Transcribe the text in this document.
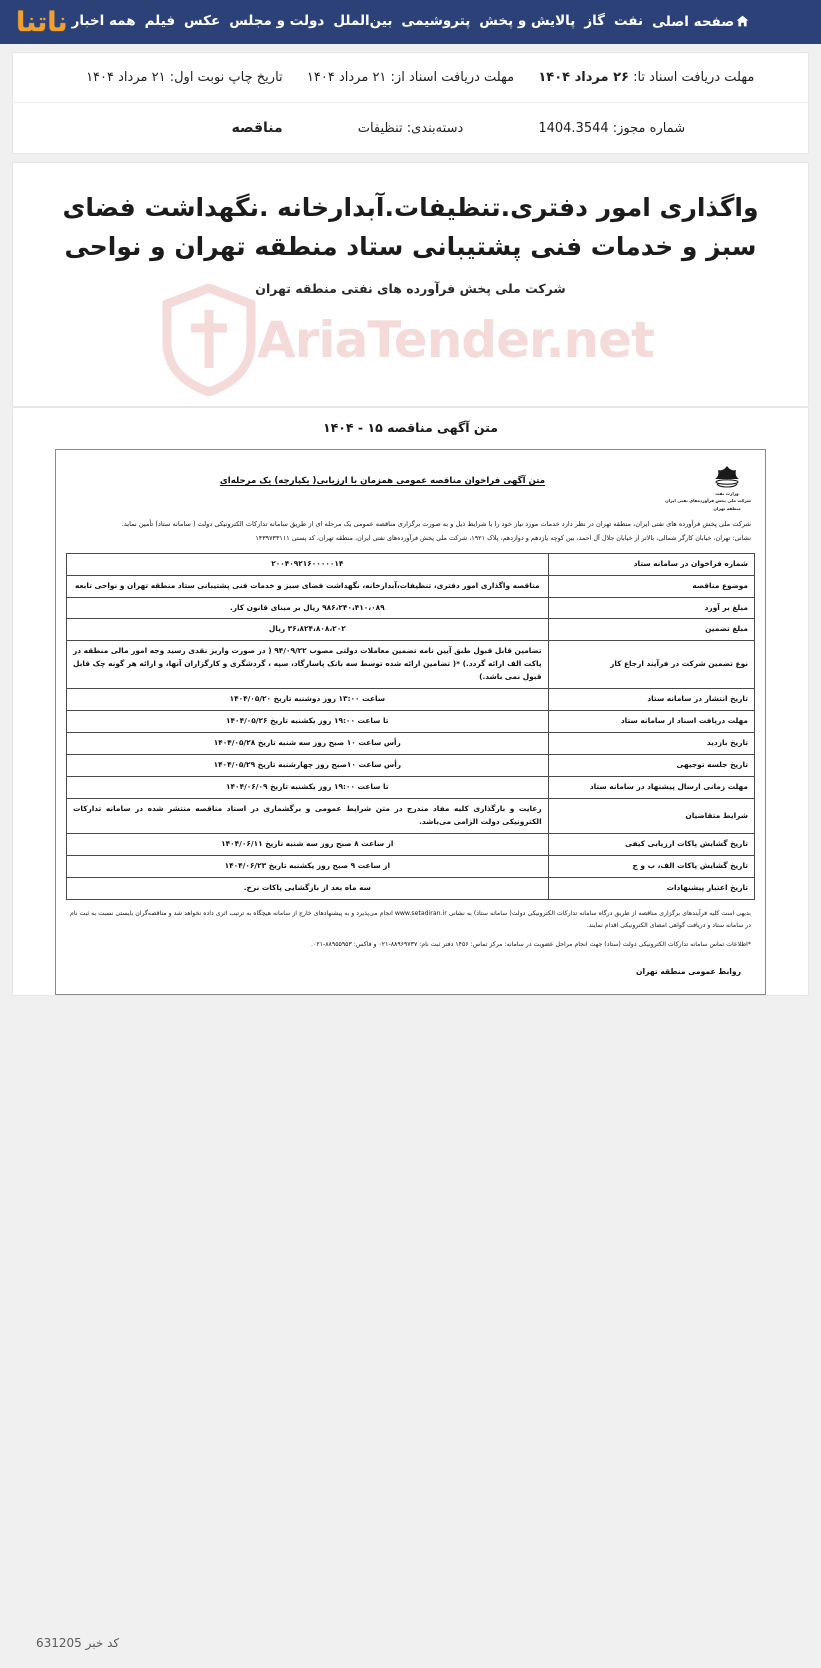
ناتنا	صفحه اصلی
نفت
گاز
پالایش و پخش
پتروشیمی
بین‌الملل
دولت و مجلس
عکس
فیلم
همه اخبار
مهلت دریافت اسناد تا: ۲۶ مرداد ۱۴۰۴
مهلت دریافت اسناد از: ۲۱ مرداد ۱۴۰۴
تاریخ چاپ نوبت اول: ۲۱ مرداد ۱۴۰۴
شماره مجوز: 1404.3544
دسته‌بندی: تنظیفات
مناقصه
واگذاری امور دفتری.تنظیفات.آبدارخانه .نگهداشت فضای سبز و خدمات فنی پشتیبانی ستاد منطقه تهران و نواحی
شرکت ملی پخش فرآورده های نفتی منطقه تهران
AriaTender.net
متن آگهی مناقصه ۱۵ - ۱۴۰۴
وزارت نفت
شرکت ملی پخش فرآورده‌های نفتی ایران
منطقه تهران
متن آگهی فراخوان مناقصه عمومی همزمان با ارزیابی( یکپارچه) یک مرحله‌ای
شرکت ملی پخش فرآورده های نفتی ایران، منطقه تهران در نظر دارد خدمات مورد نیاز خود را با شرایط ذیل و به صورت برگزاری مناقصه عمومی یک مرحله ای از طریق سامانه تدارکات الکترونیکی دولت ( سامانه ستاد) تأمین نماید.
نشانی: تهران، خیابان کارگر شمالی، بالاتر از خیابان جلال آل احمد، بین کوچه یازدهم و دوازدهم، پلاک ۱۹۲۱، شرکت ملی پخش فرآورده‌های نفتی ایران، منطقه تهران، کد پستی ۱۴۳۹۷۳۳۱۱۱
شماره فراخوان در سامانه ستاد	۲۰۰۴۰۹۲۱۶۰۰۰۰۰۱۴
موضوع مناقصه	مناقصه واگذاری امور دفتری، تنظیفات،آبدارخانه، نگهداشت فضای سبز و خدمات فنی پشتیبانی ستاد منطقه تهران و نواحی تابعه
مبلغ بر آورد	۹۸۶،۲۴۰،۴۱۰،۰۸۹ ریال بر مبنای قانون کار.
مبلغ تضمین	۳۶،۸۲۴،۸۰۸،۲۰۲ ریال
نوع تضمین شرکت در فرآیند ارجاع کار	تضامین قابل قبول طبق آیین نامه تضمین معاملات دولتی مصوب ۹۴/۰۹/۲۲ ( در صورت واریز نقدی رسید وجه امور مالی منطقه در پاکت الف ارائه گردد.) *( تضامین ارائه شده توسط سه بانک پاسارگاد، سپه ، گردشگری و کارگزاران آنها، و ارائه هر گونه چک قابل قبول نمی باشد.)
تاریخ انتشار در سامانه ستاد	ساعت ۱۳:۰۰ روز دوشنبه تاریخ ۱۴۰۴/۰۵/۲۰
مهلت دریافت اسناد از سامانه ستاد	تا ساعت ۱۹:۰۰ روز یکشنبه تاریخ ۱۴۰۴/۰۵/۲۶
تاریخ بازدید	رأس ساعت ۱۰ صبح روز سه شنبه تاریخ ۱۴۰۴/۰۵/۲۸
تاریخ جلسه توجیهی	رأس ساعت ۱۰صبح روز چهارشنبه تاریخ ۱۴۰۴/۰۵/۲۹
مهلت زمانی ارسال پیشنهاد در سامانه ستاد	تا ساعت ۱۹:۰۰ روز یکشنبه تاریخ ۱۴۰۴/۰۶/۰۹
شرایط متقاضیان	رعایت و بارگذاری کلیه مفاد مندرج در متن شرایط عمومی و برگشماری در اسناد مناقصه منتشر شده در سامانه تدارکات الکترونیکی دولت الزامی می‌باشد.
تاریخ گشایش پاکات ارزیابی کیفی	از ساعت ۸ صبح روز سه شنبه تاریخ ۱۴۰۴/۰۶/۱۱
تاریخ گشایش پاکات الف، ب و ج	از ساعت ۹ صبح روز یکشنبه تاریخ ۱۴۰۴/۰۶/۲۳
تاریخ اعتبار پیشنهادات	سه ماه بعد از بازگشایی پاکات نرخ.
بدیهی است کلیه فرآیندهای برگزاری مناقصه از طریق درگاه سامانه تدارکات الکترونیکی دولت( سامانه ستاد) به نشانی www.setadiran.ir انجام می‌پذیرد و به پیشنهادهای خارج از سامانه هیچگاه به ترتیب اثری داده نخواهد شد و مناقصه‌گران بایستی نسبت به ثبت نام در سامانه ستاد و دریافت گواهی امضای الکترونیکی اقدام نمایند.
*اطلاعات تماس سامانه تدارکات الکترونیکی دولت (ستاد) جهت انجام مراحل عضویت در سامانه: مرکز تماس: ۱۴۵۶ دفتر ثبت نام: ۸۸۹۶۹۷۳۷-۰۲۱ و فاکس: ۸۸۹۵۵۹۵۳-۰۲۱.
روابط عمومی منطقه تهران
کد خبر 631205
